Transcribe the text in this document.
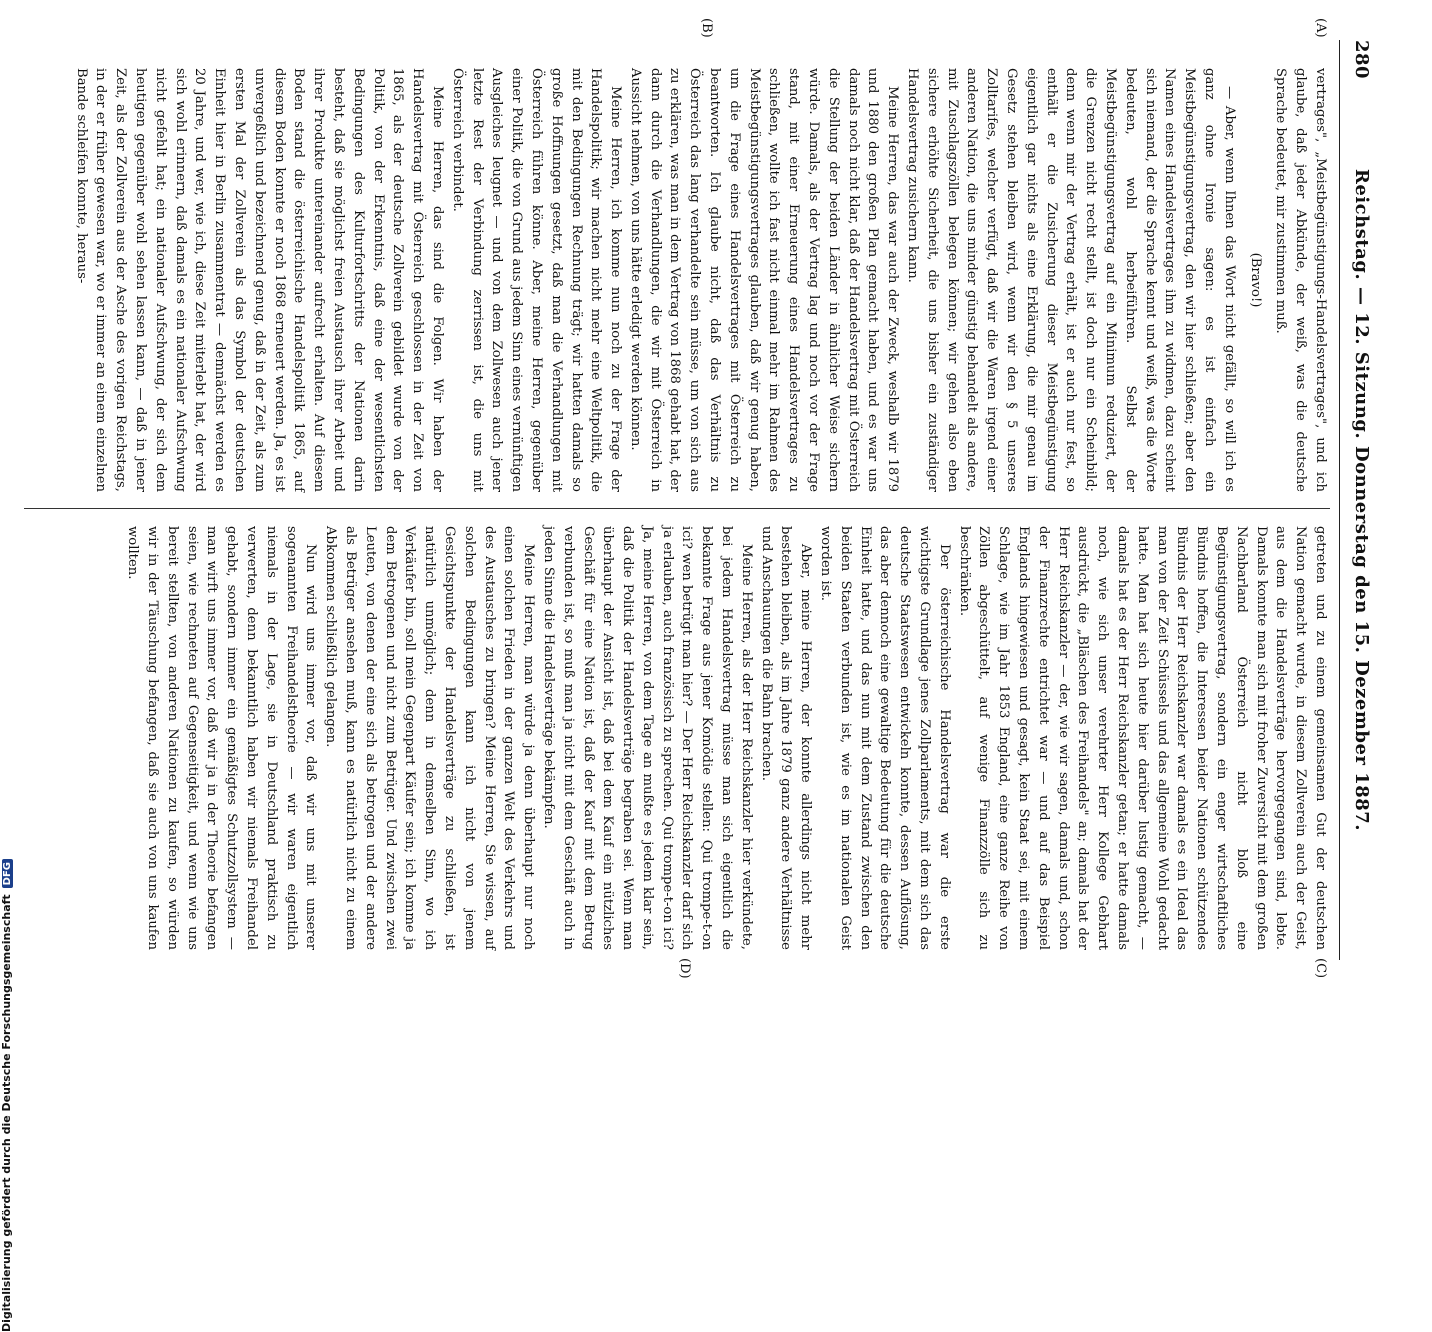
280
Reichstag. — 12. Sitzung. Donnerstag den 15. Dezember 1887.
(A)
(B)
(C)
(D)

vertrages", „Meistbegünstigungs-Handelsvertrages", und ich glaube, daß jeder Abkünde, der weiß, was die deutsche Sprache bedeutet, mir zustimmen muß.

(Bravo!)

— Aber, wenn Ihnen das Wort nicht gefällt, so will ich es ganz ohne Ironie sagen: es ist einfach ein Meistbegünstigungsvertrag, den wir hier schließen; aber den Namen eines Handelsvertrages ihm zu widmen, dazu scheint sich niemand, der die Sprache kennt und weiß, was die Worte bedeuten, wohl herbeiführen. Selbst der Meistbegünstigungsvertrag auf ein Minimum reduziert, der die Grenzen nicht recht stellt, ist doch nur ein Scheinbild; denn wenn mir der Vertrag erhält, ist er auch nur fest, so enthält er die Zusicherung dieser Meistbegünstigung eigentlich gar nichts als eine Erklärung, die mir genau im Gesetz stehen bleiben wird, wenn wir den § 5 unseres Zolltarifes, welcher verfügt, daß wir die Waren irgend einer anderen Nation, die uns minder günstig behandelt als andere, mit Zuschlagszöllen belegen können; wir gehen also eben sichere erhöhte Sicherheit, die uns bisher ein zuständiger Handelsvertrag zusichern kann.

Meine Herren, das war auch der Zweck, weshalb wir 1879 und 1880 den großen Plan gemacht haben, und es war uns damals noch nicht klar, daß der Handelsvertrag mit Österreich die Stellung der beiden Länder in ähnlicher Weise sichern würde. Damals, als der Vertrag lag und noch vor der Frage stand, mit einer Erneuerung eines Handelsvertrages zu schließen, wollte ich fast nicht einmal mehr im Rahmen des Meistbegünstigungsvertrages glauben, daß wir genug haben, um die Frage eines Handelsvertrages mit Österreich zu beantworten. Ich glaube nicht, daß das Verhältnis zu Österreich das lang verhandelte sein müsse, um von sich aus zu erklären, was man in dem Vertrag von 1868 gehabt hat, der dann durch die Verhandlungen, die wir mit Österreich in Aussicht nehmen, von uns hätte erledigt werden können.

Meine Herren, ich komme nun noch zu der Frage der Handelspolitik; wir machen nicht mehr eine Weltpolitik, die mit den Bedingungen Rechnung trägt; wir hatten damals so große Hoffnungen gesetzt, daß man die Verhandlungen mit Österreich führen könne. Aber, meine Herren, gegenüber einer Politik, die von Grund aus jedem Sinn eines vernünftigen Ausgleiches leugnet — und von dem Zollwesen auch jener letzte Rest der Verbindung zerrissen ist, die uns mit Österreich verbindet.

Meine Herren, das sind die Folgen. Wir haben der Handelsvertrag mit Österreich geschlossen in der Zeit von 1865, als der deutsche Zollverein gebildet wurde von der Politik, von der Erkenntnis, daß eine der wesentlichsten Bedingungen des Kulturfortschritts der Nationen darin besteht, daß sie möglichst freien Austausch ihrer Arbeit und ihrer Produkte untereinander aufrecht erhalten. Auf diesem Boden stand die österreichische Handelspolitik 1865, auf diesem Boden konnte er noch 1868 erneuert werden. Ja, es ist unvergeßlich und bezeichnend genug, daß in der Zeit, als zum ersten Mal der Zollverein als das Symbol der deutschen Einheit hier in Berlin zusammentrat — demnächst werden es 20 Jahre, und wer, wie ich, diese Zeit miterlebt hat, der wird sich wohl erinnern, daß damals es ein nationaler Aufschwung nicht gefehlt hat; ein nationaler Aufschwung, der sich dem heutigen gegenüber wohl sehen lassen kann, — daß in jener Zeit, als der Zollverein aus der Asche des vorigen Reichstags, in der er früher gewesen war, wo er immer an einem einzelnen Bande schleifen konnte, heraus-

getreten und zu einem gemeinsamen Gut der deutschen Nation gemacht wurde, in diesem Zollverein auch der Geist, aus dem die Handelsverträge hervorgegangen sind, lebte. Damals konnte man sich mit froher Zuversicht mit dem großen Nachbarland Österreich nicht bloß eine Begünstigungsvertrag, sondern ein enger wirtschaftliches Bündnis hoffen, die Interessen beider Nationen schützendes Bündnis der Herr Reichskanzler war damals es ein Ideal das man von der Zeit Schüssels und das allgemeine Wohl gedacht hatte. Man hat sich heute hier darüber lustig gemacht, — damals hat es der Herr Reichskanzler getan; er hatte damals noch, wie sich unser verehrter Herr Kollege Gebhart ausdrückt, die „Bläschen des Freihandels" an; damals hat der Herr Reichskanzler — der, wie wir sagen, damals und, schon der Finanzrechte entrichtet war — und auf das Beispiel Englands hingewiesen und gesagt, kein Staat sei, mit einem Schlage, wie im Jahr 1853 England, eine ganze Reihe von Zöllen abgeschüttelt, auf wenige Finanzzölle sich zu beschränken.

Der österreichische Handelsvertrag war die erste wichtigste Grundlage jenes Zollparlaments, mit dem sich das deutsche Staatswesen entwickeln konnte, dessen Auflösung, das aber dennoch eine gewaltige Bedeutung für die deutsche Einheit hatte, und das nun mit dem Zustand zwischen den beiden Staaten verbunden ist, wie es im nationalen Geist worden ist.

Aber, meine Herren, der konnte allerdings nicht mehr bestehen bleiben, als im Jahre 1879 ganz andere Verhältnisse und Anschauungen die Bahn brachen.

Meine Herren, als der Herr Reichskanzler hier verkündete, bei jedem Handelsvertrag müsse man sich eigentlich die bekannte Frage aus jener Komödie stellen: Qui trompe-t-on ici? wen betrügt man hier? — Der Herr Reichskanzler darf sich ja erlauben, auch französisch zu sprechen. Qui trompe-t-on ici? Ja, meine Herren, von dem Tage an mußte es jedem klar sein, daß die Politik der Handelsverträge begraben sei. Wenn man überhaupt der Ansicht ist, daß bei dem Kauf ein nützliches Geschäft für eine Nation ist, daß der Kauf mit dem Betrug verbunden ist, so muß man ja nicht mit dem Geschäft auch in jeden Sinne die Handelsverträge bekämpfen.

Meine Herren, man würde ja denn überhaupt nur noch einen solchen Frieden in der ganzen Welt des Verkehrs und des Austausches zu bringen? Meine Herren, Sie wissen, auf solchen Bedingungen kann ich nicht von jenem Gesichtspunkte der Handelsverträge zu schließen, ist natürlich unmöglich; denn in demselben Sinn, wo ich Verkäufer bin, soll mein Gegenpart Käufer sein; ich komme ja dem Betrogenen und nicht zum Betrüger. Und zwischen zwei Leuten, von denen der eine sich als betrogen und der andere als Betrüger ansehen muß, kann es natürlich nicht zu einem Abkommen schließlich gelangen.

Nun wird uns immer vor, daß wir uns mit unserer sogenannten Freihandelstheorie — wir waren eigentlich niemals in der Lage, sie in Deutschland praktisch zu verwerten, denn bekanntlich haben wir niemals Freihandel gehabt, sondern immer ein gemäßigtes Schutzzollsystem — man wirft uns immer vor, daß wir ja in der Theorie befangen seien, wie rechneten auf Gegenseitigkeit, und wenn wie uns bereit stellten, von anderen Nationen zu kaufen, so würden wir in der Täuschung befangen, daß sie auch von uns kaufen wollten.

Digitalisierung gefördert durch die Deutsche ForschungsgemeinschaftDFG
